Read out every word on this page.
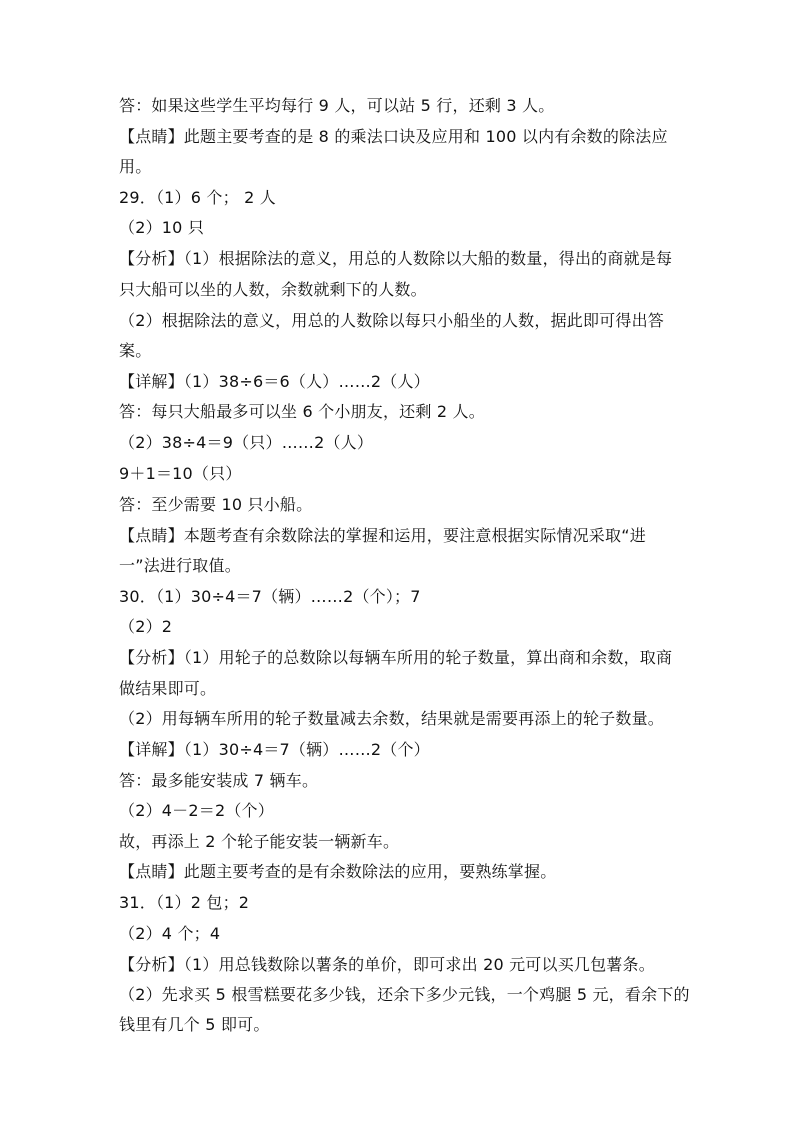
答：如果这些学生平均每行 9 人，可以站 5 行，还剩 3 人。
【点睛】此题主要考查的是 8 的乘法口诀及应用和 100 以内有余数的除法应
用。
29．（1）6 个； 2 人
（2）10 只
【分析】（1）根据除法的意义，用总的人数除以大船的数量，得出的商就是每
只大船可以坐的人数，余数就剩下的人数。
（2）根据除法的意义，用总的人数除以每只小船坐的人数，据此即可得出答
案。
【详解】（1）38÷6＝6（人）……2（人）
答：每只大船最多可以坐 6 个小朋友，还剩 2 人。
（2）38÷4＝9（只）……2（人）
9＋1＝10（只）
答：至少需要 10 只小船。
【点睛】本题考查有余数除法的掌握和运用，要注意根据实际情况采取“进
一”法进行取值。
30．（1）30÷4＝7（辆）……2（个）；7
（2）2
【分析】（1）用轮子的总数除以每辆车所用的轮子数量，算出商和余数，取商
做结果即可。
（2）用每辆车所用的轮子数量减去余数，结果就是需要再添上的轮子数量。
【详解】（1）30÷4＝7（辆）……2（个）
答：最多能安装成 7 辆车。
（2）4－2＝2（个）
故，再添上 2 个轮子能安装一辆新车。
【点睛】此题主要考查的是有余数除法的应用，要熟练掌握。
31．（1）2 包；2
（2）4 个；4
【分析】（1）用总钱数除以薯条的单价，即可求出 20 元可以买几包薯条。
（2）先求买 5 根雪糕要花多少钱，还余下多少元钱，一个鸡腿 5 元，看余下的
钱里有几个 5 即可。
